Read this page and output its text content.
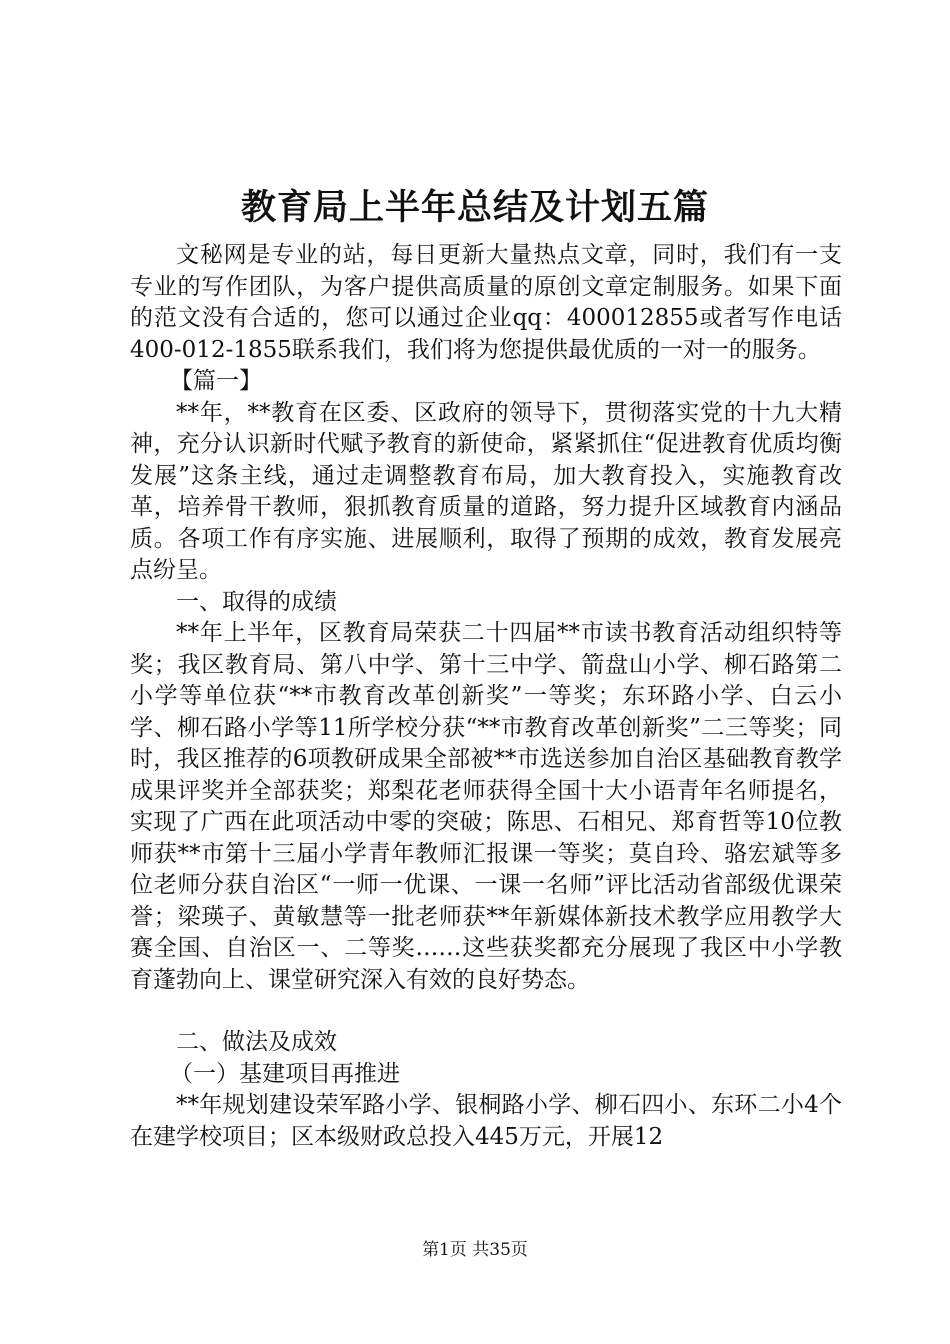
教育局上半年总结及计划五篇

文秘网是专业的站，每日更新大量热点文章，同时，我们有一支专业的写作团队，为客户提供高质量的原创文章定制服务。如果下面的范文没有合适的，您可以通过企业qq：400012855或者写作电话400-012-1855联系我们，我们将为您提供最优质的一对一的服务。

【篇一】

**年，**教育在区委、区政府的领导下，贯彻落实党的十九大精神，充分认识新时代赋予教育的新使命，紧紧抓住“促进教育优质均衡发展”这条主线，通过走调整教育布局，加大教育投入，实施教育改革，培养骨干教师，狠抓教育质量的道路，努力提升区域教育内涵品质。各项工作有序实施、进展顺利，取得了预期的成效，教育发展亮点纷呈。

一、取得的成绩

**年上半年，区教育局荣获二十四届**市读书教育活动组织特等奖；我区教育局、第八中学、第十三中学、箭盘山小学、柳石路第二小学等单位获“**市教育改革创新奖”一等奖；东环路小学、白云小学、柳石路小学等11所学校分获“**市教育改革创新奖”二三等奖；同时，我区推荐的6项教研成果全部被**市选送参加自治区基础教育教学成果评奖并全部获奖；郑梨花老师获得全国十大小语青年名师提名，实现了广西在此项活动中零的突破；陈思、石相兄、郑育哲等10位教师获**市第十三届小学青年教师汇报课一等奖；莫自玲、骆宏斌等多位老师分获自治区“一师一优课、一课一名师”评比活动省部级优课荣誉；梁瑛子、黄敏慧等一批老师获**年新媒体新技术教学应用教学大赛全国、自治区一、二等奖……这些获奖都充分展现了我区中小学教育蓬勃向上、课堂研究深入有效的良好势态。

二、做法及成效

（一）基建项目再推进

**年规划建设荣军路小学、银桐路小学、柳石四小、东环二小4个在建学校项目；区本级财政总投入445万元，开展12

第1页 共35页
